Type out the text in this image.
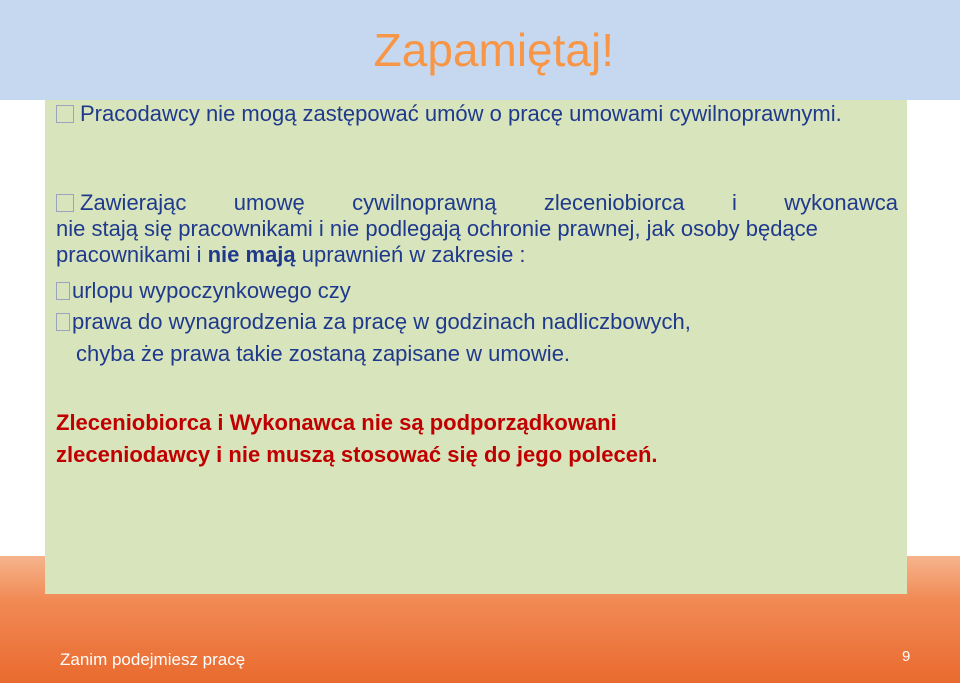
Zapamiętaj!

Pracodawcy nie mogą zastępować umów o pracę umowami cywilnoprawnymi.

Zawierając umowę cywilnoprawną zleceniobiorca i wykonawca
nie stają się pracownikami i nie podlegają ochronie prawnej, jak osoby będące pracownikami i nie mają uprawnień w zakresie :

urlopu wypoczynkowego czy

prawa do wynagrodzenia za pracę w godzinach nadliczbowych,
chyba że prawa takie zostaną zapisane w umowie.

Zleceniobiorca i Wykonawca nie są podporządkowani

zleceniodawcy i nie muszą stosować się do jego poleceń.

Zanim podejmiesz pracę	9
